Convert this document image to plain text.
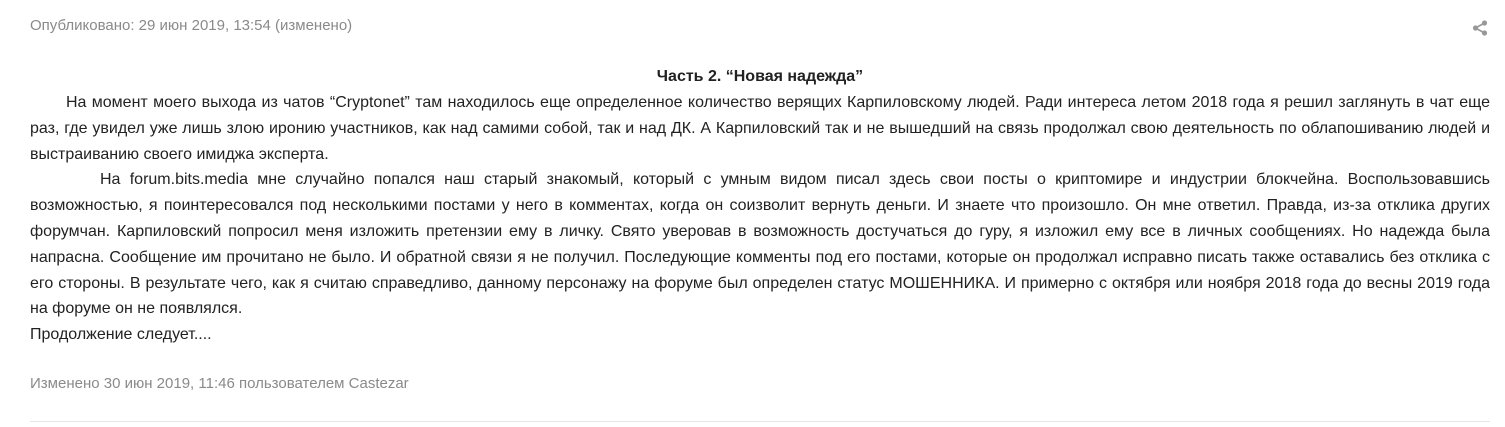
Опубликовано: 29 июн 2019, 13:54 (изменено)

Часть 2. “Новая надежда”

На момент моего выхода из чатов “Cryptonet” там находилось еще определенное количество верящих Карпиловскому людей. Ради интереса летом 2018 года я решил заглянуть в чат еще раз, где увидел уже лишь злою иронию участников, как над самими собой, так и над ДК. А Карпиловский так и не вышедший на связь продолжал свою деятельность по облапошиванию людей и выстраиванию своего имиджа эксперта.

На forum.bits.media мне случайно попался наш старый знакомый, который с умным видом писал здесь свои посты о криптомире и индустрии блокчейна. Воспользовавшись возможностью, я поинтересовался под несколькими постами у него в комментах, когда он соизволит вернуть деньги. И знаете что произошло. Он мне ответил. Правда, из-за отклика других форумчан. Карпиловский попросил меня изложить претензии ему в личку. Свято уверовав в возможность достучаться до гуру, я изложил ему все в личных сообщениях. Но надежда была напрасна. Сообщение им прочитано не было. И обратной связи я не получил. Последующие комменты под его постами, которые он продолжал исправно писать также оставались без отклика с его стороны. В результате чего, как я считаю справедливо, данному персонажу на форуме был определен статус МОШЕННИКА. И примерно с октября или ноября 2018 года до весны 2019 года на форуме он не появлялся.

Продолжение следует....

Изменено 30 июн 2019, 11:46 пользователем Castezar
